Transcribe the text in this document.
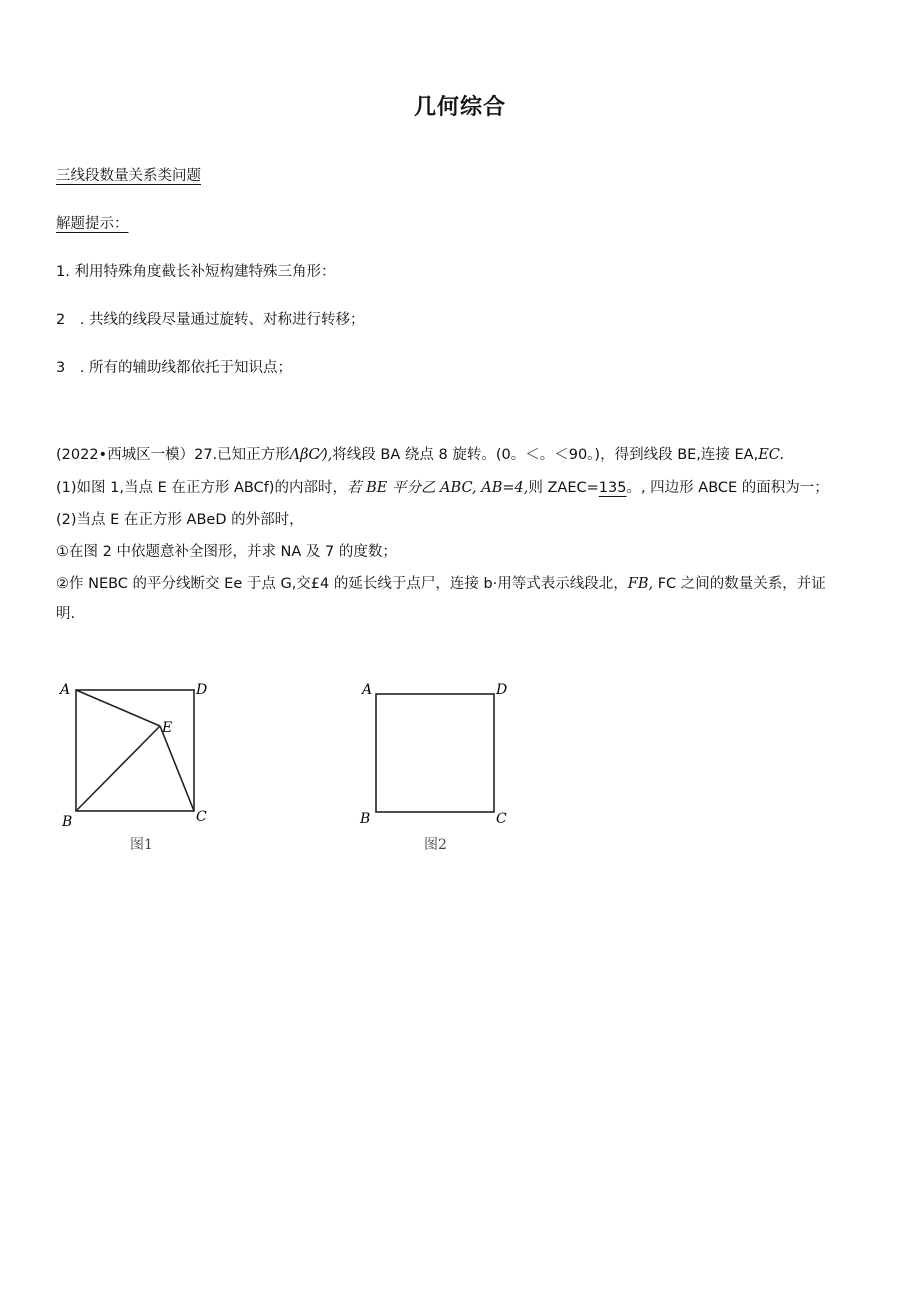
几何综合
三线段数量关系类问题
解题提示：
1. 利用特殊角度截长补短构建特殊三角形：
2　. 共线的线段尽量通过旋转、对称进行转移；
3　. 所有的辅助线都依托于知识点；
(2022•西城区一模）27.已知正方形ΛβC⁄),将线段 BA 绕点 8 旋转。(0。＜。＜90。)，得到线段 BE,连接 EA,EC.
(1)如图 1,当点 E 在正方形 ABCf)的内部时，若 BE 平分乙 ABC, AB=4,则 ZAEC=135。, 四边形 ABCE 的面积为一；
(2)当点 E 在正方形 ABeD 的外部时，
①在图 2 中依题意补全图形，并求 NA 及 7 的度数；
②作 NEBC 的平分线断交 Ee 于点 G,交£4 的延长线于点尸，连接 b·用等式表示线段北，FB, FC 之间的数量关系，并证
明.
A	D
E
B	C
图1
A	D
B	C
图2
